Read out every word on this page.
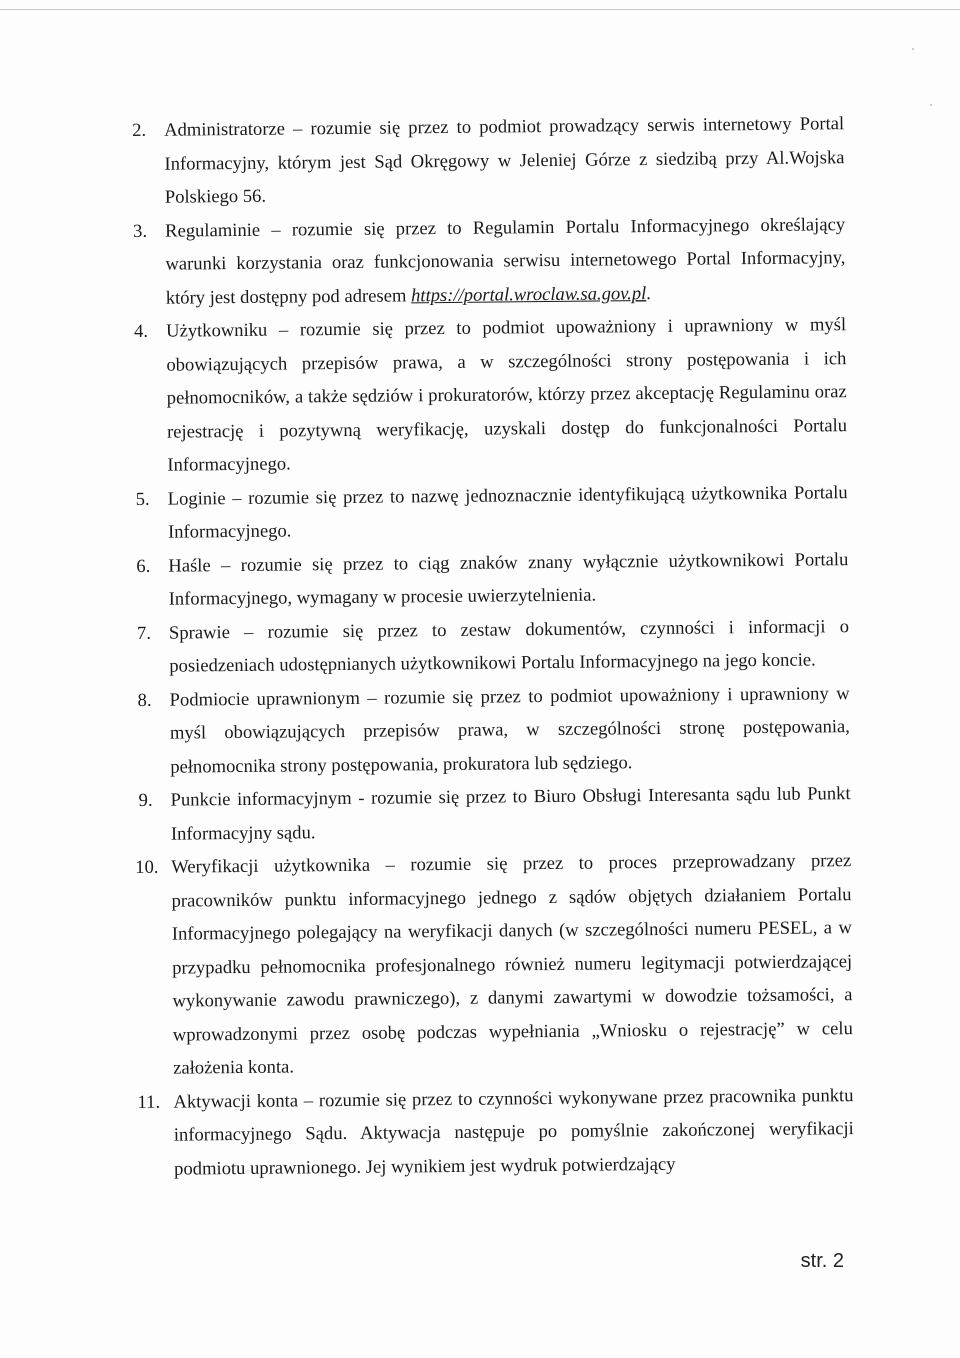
2. Administratorze – rozumie się przez to podmiot prowadzący serwis internetowy Portal Informacyjny, którym jest Sąd Okręgowy w Jeleniej Górze z siedzibą przy Al.Wojska Polskiego 56.
3. Regulaminie – rozumie się przez to Regulamin Portalu Informacyjnego określający warunki korzystania oraz funkcjonowania serwisu internetowego Portal Informacyjny, który jest dostępny pod adresem https://portal.wroclaw.sa.gov.pl.
4. Użytkowniku – rozumie się przez to podmiot upoważniony i uprawniony w myśl obowiązujących przepisów prawa, a w szczególności strony postępowania i ich pełnomocników, a także sędziów i prokuratorów, którzy przez akceptację Regulaminu oraz rejestrację i pozytywną weryfikację, uzyskali dostęp do funkcjonalności Portalu Informacyjnego.
5. Loginie – rozumie się przez to nazwę jednoznacznie identyfikującą użytkownika Portalu Informacyjnego.
6. Haśle – rozumie się przez to ciąg znaków znany wyłącznie użytkownikowi Portalu Informacyjnego, wymagany w procesie uwierzytelnienia.
7. Sprawie – rozumie się przez to zestaw dokumentów, czynności i informacji o posiedzeniach udostępnianych użytkownikowi Portalu Informacyjnego na jego koncie.
8. Podmiocie uprawnionym – rozumie się przez to podmiot upoważniony i uprawniony w myśl obowiązujących przepisów prawa, w szczególności stronę postępowania, pełnomocnika strony postępowania, prokuratora lub sędziego.
9. Punkcie informacyjnym - rozumie się przez to Biuro Obsługi Interesanta sądu lub Punkt Informacyjny sądu.
10. Weryfikacji użytkownika – rozumie się przez to proces przeprowadzany przez pracowników punktu informacyjnego jednego z sądów objętych działaniem Portalu Informacyjnego polegający na weryfikacji danych (w szczególności numeru PESEL, a w przypadku pełnomocnika profesjonalnego również numeru legitymacji potwierdzającej wykonywanie zawodu prawniczego), z danymi zawartymi w dowodzie tożsamości, a wprowadzonymi przez osobę podczas wypełniania „Wniosku o rejestrację” w celu założenia konta.
11. Aktywacji konta – rozumie się przez to czynności wykonywane przez pracownika punktu informacyjnego Sądu. Aktywacja następuje po pomyślnie zakończonej weryfikacji podmiotu uprawnionego. Jej wynikiem jest wydruk potwierdzający
str. 2
